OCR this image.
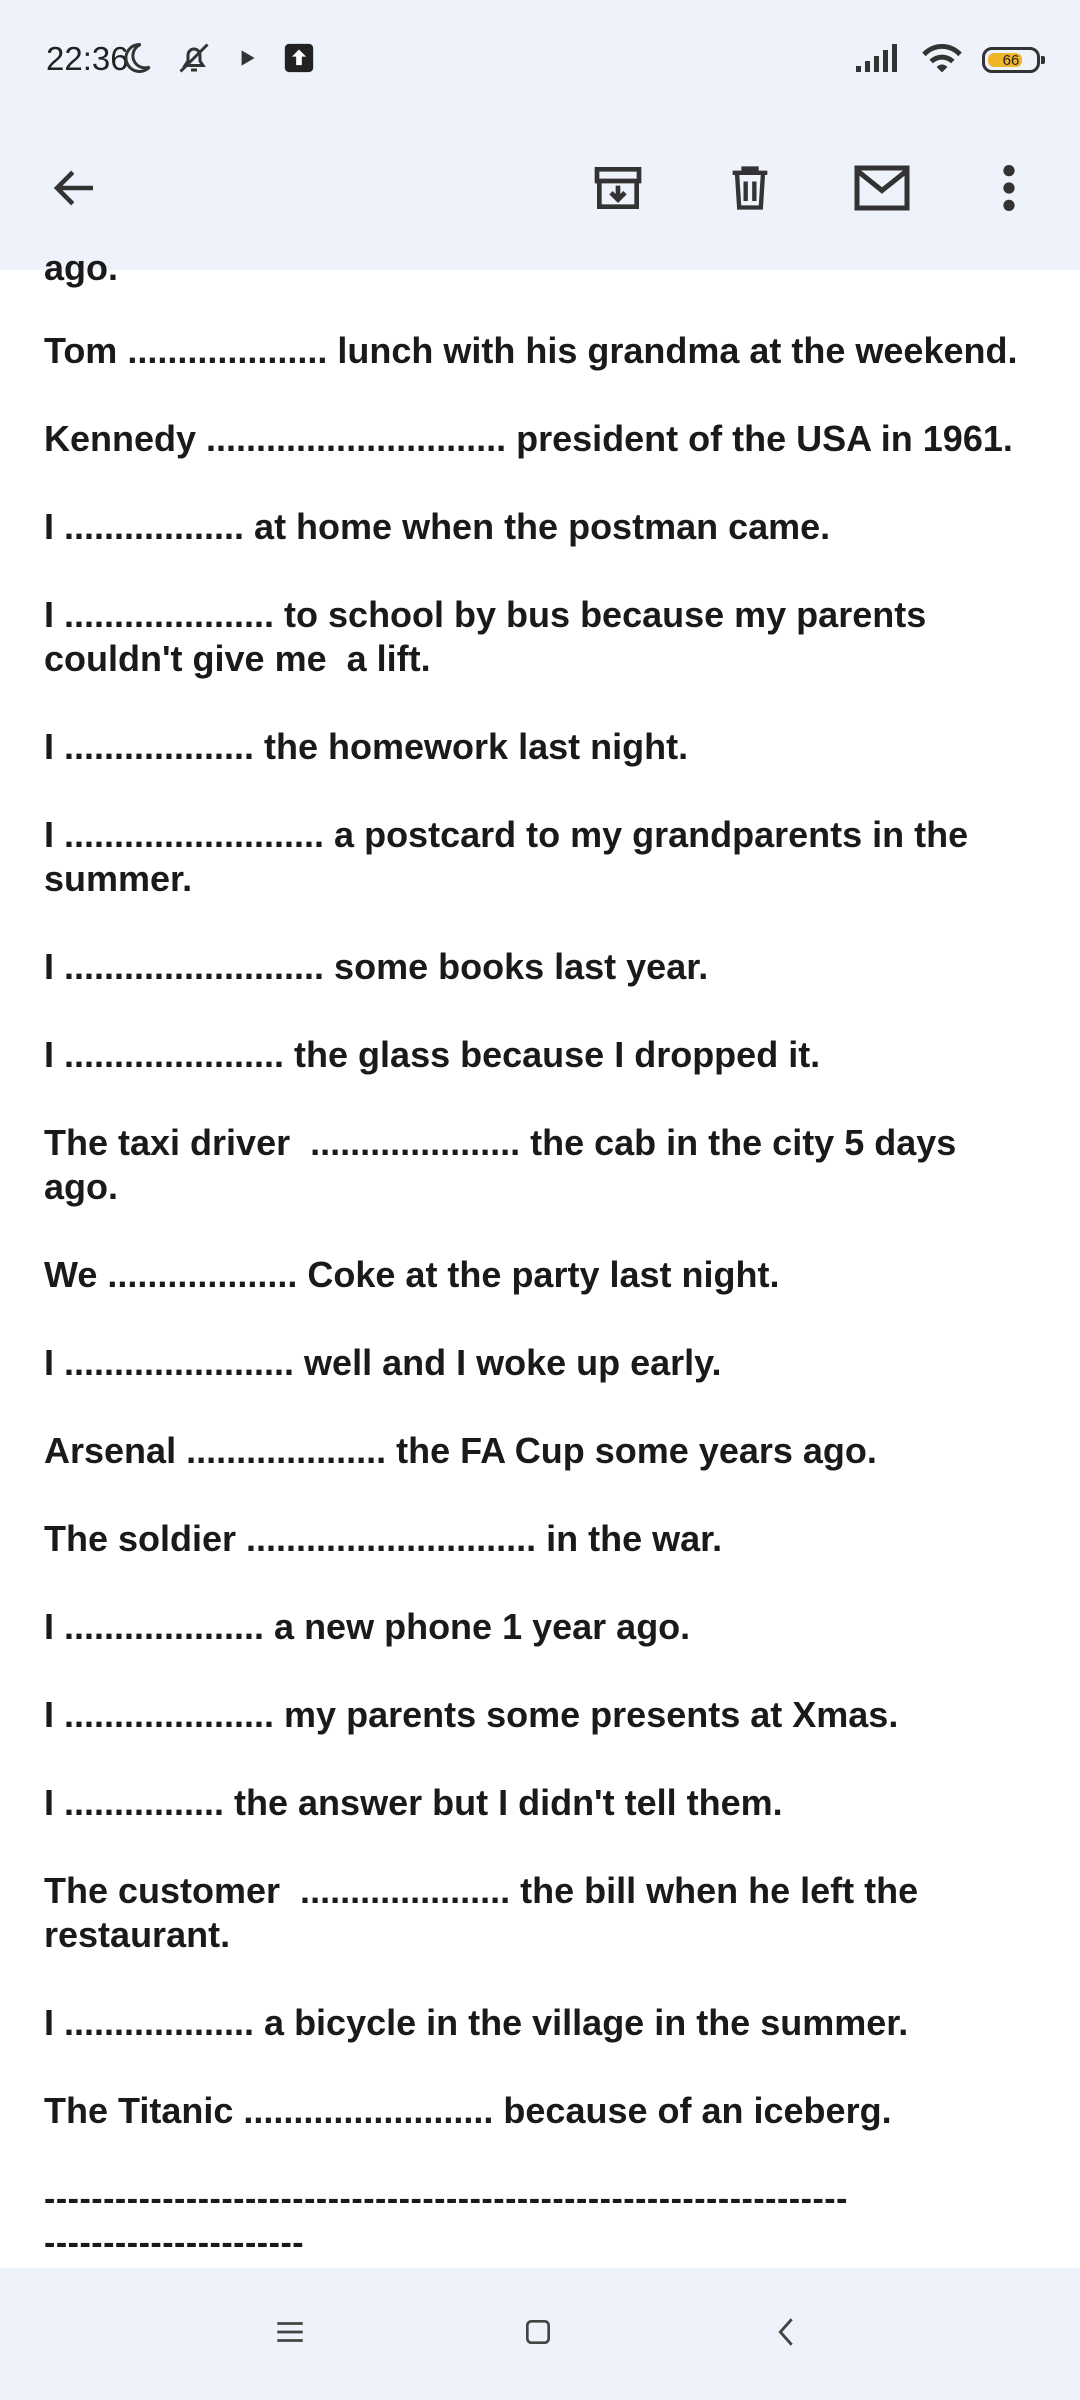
22:36	66
ago.
Tom .................... lunch with his grandma at the weekend.
Kennedy .............................. president of the USA in 1961.
I .................. at home when the postman came.
I ..................... to school by bus because my parents
couldn't give me  a lift.
I ................... the homework last night.
I .......................... a postcard to my grandparents in the
summer.
I .......................... some books last year.
I ...................... the glass because I dropped it.
The taxi driver  ..................... the cab in the city 5 days
ago.
We ................... Coke at the party last night.
I ....................... well and I woke up early.
Arsenal .................... the FA Cup some years ago.
The soldier ............................. in the war.
I .................... a new phone 1 year ago.
I ..................... my parents some presents at Xmas.
I ................ the answer but I didn't tell them.
The customer  ..................... the bill when he left the
restaurant.
I ................... a bicycle in the village in the summer.
The Titanic ......................... because of an iceberg.
--------------------------------------------------------------------
----------------------
